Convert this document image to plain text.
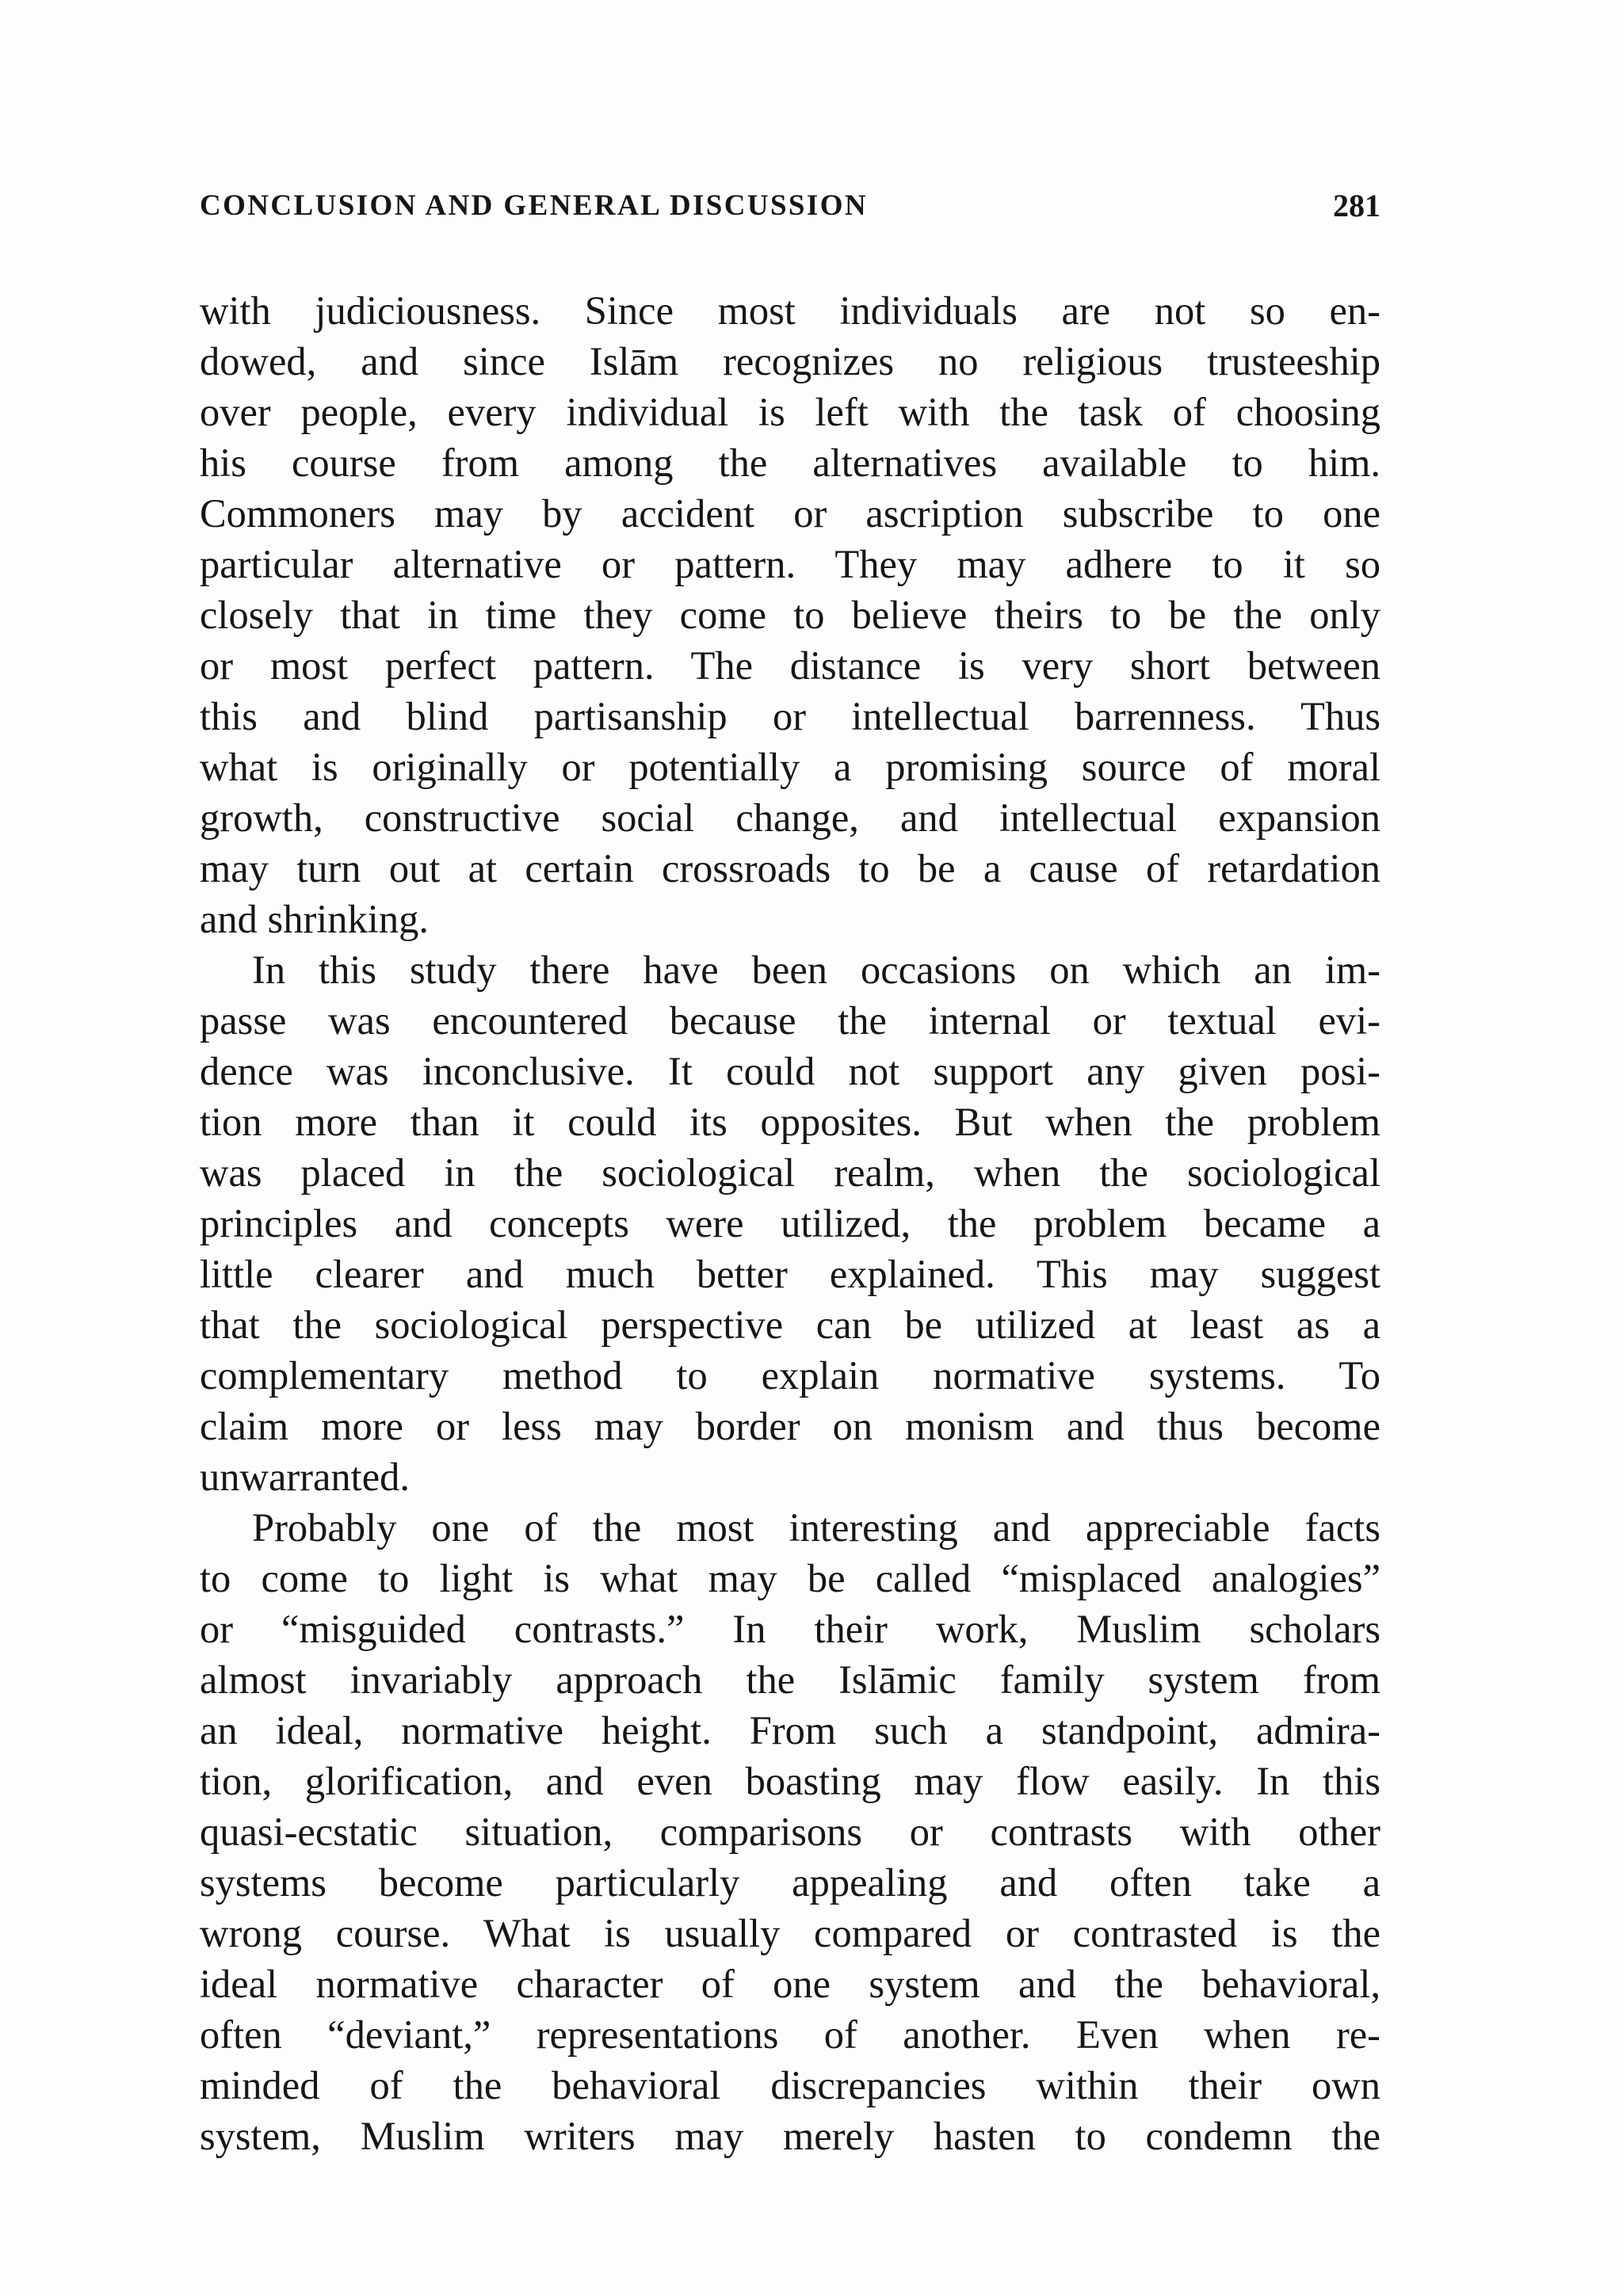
CONCLUSION AND GENERAL DISCUSSION	281
with judiciousness. Since most individuals are not so en-
dowed, and since Islām recognizes no religious trusteeship
over people, every individual is left with the task of choosing
his course from among the alternatives available to him.
Commoners may by accident or ascription subscribe to one
particular alternative or pattern. They may adhere to it so
closely that in time they come to believe theirs to be the only
or most perfect pattern. The distance is very short between
this and blind partisanship or intellectual barrenness. Thus
what is originally or potentially a promising source of moral
growth, constructive social change, and intellectual expansion
may turn out at certain crossroads to be a cause of retardation
and shrinking.
In this study there have been occasions on which an im-
passe was encountered because the internal or textual evi-
dence was inconclusive. It could not support any given posi-
tion more than it could its opposites. But when the problem
was placed in the sociological realm, when the sociological
principles and concepts were utilized, the problem became a
little clearer and much better explained. This may suggest
that the sociological perspective can be utilized at least as a
complementary method to explain normative systems. To
claim more or less may border on monism and thus become
unwarranted.
Probably one of the most interesting and appreciable facts
to come to light is what may be called “misplaced analogies”
or “misguided contrasts.” In their work, Muslim scholars
almost invariably approach the Islāmic family system from
an ideal, normative height. From such a standpoint, admira-
tion, glorification, and even boasting may flow easily. In this
quasi-ecstatic situation, comparisons or contrasts with other
systems become particularly appealing and often take a
wrong course. What is usually compared or contrasted is the
ideal normative character of one system and the behavioral,
often “deviant,” representations of another. Even when re-
minded of the behavioral discrepancies within their own
system, Muslim writers may merely hasten to condemn the
